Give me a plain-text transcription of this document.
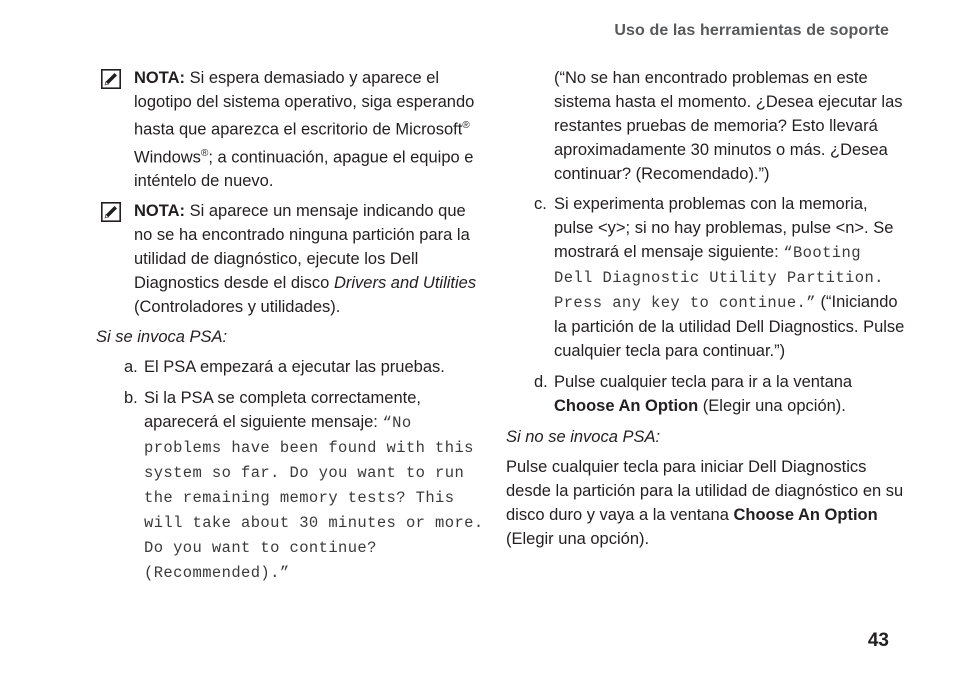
Uso de las herramientas de soporte

NOTA: Si espera demasiado y aparece el logotipo del sistema operativo, siga esperando hasta que aparezca el escritorio de Microsoft® Windows®; a continuación, apague el equipo e inténtelo de nuevo.

NOTA: Si aparece un mensaje indicando que no se ha encontrado ninguna partición para la utilidad de diagnóstico, ejecute los Dell Diagnostics desde el disco Drivers and Utilities (Controladores y utilidades).

Si se invoca PSA:

a. El PSA empezará a ejecutar las pruebas.

b. Si la PSA se completa correctamente, aparecerá el siguiente mensaje: “No problems have been found with this system so far. Do you want to run the remaining memory tests? This will take about 30 minutes or more. Do you want to continue? (Recommended).”

(“No se han encontrado problemas en este sistema hasta el momento. ¿Desea ejecutar las restantes pruebas de memoria? Esto llevará aproximadamente 30 minutos o más. ¿Desea continuar? (Recomendado).”)

c. Si experimenta problemas con la memoria, pulse <y>; si no hay problemas, pulse <n>. Se mostrará el mensaje siguiente: “Booting Dell Diagnostic Utility Partition. Press any key to continue.” (“Iniciando la partición de la utilidad Dell Diagnostics. Pulse cualquier tecla para continuar.”)

d. Pulse cualquier tecla para ir a la ventana Choose An Option (Elegir una opción).

Si no se invoca PSA:

Pulse cualquier tecla para iniciar Dell Diagnostics desde la partición para la utilidad de diagnóstico en su disco duro y vaya a la ventana Choose An Option (Elegir una opción).

43
